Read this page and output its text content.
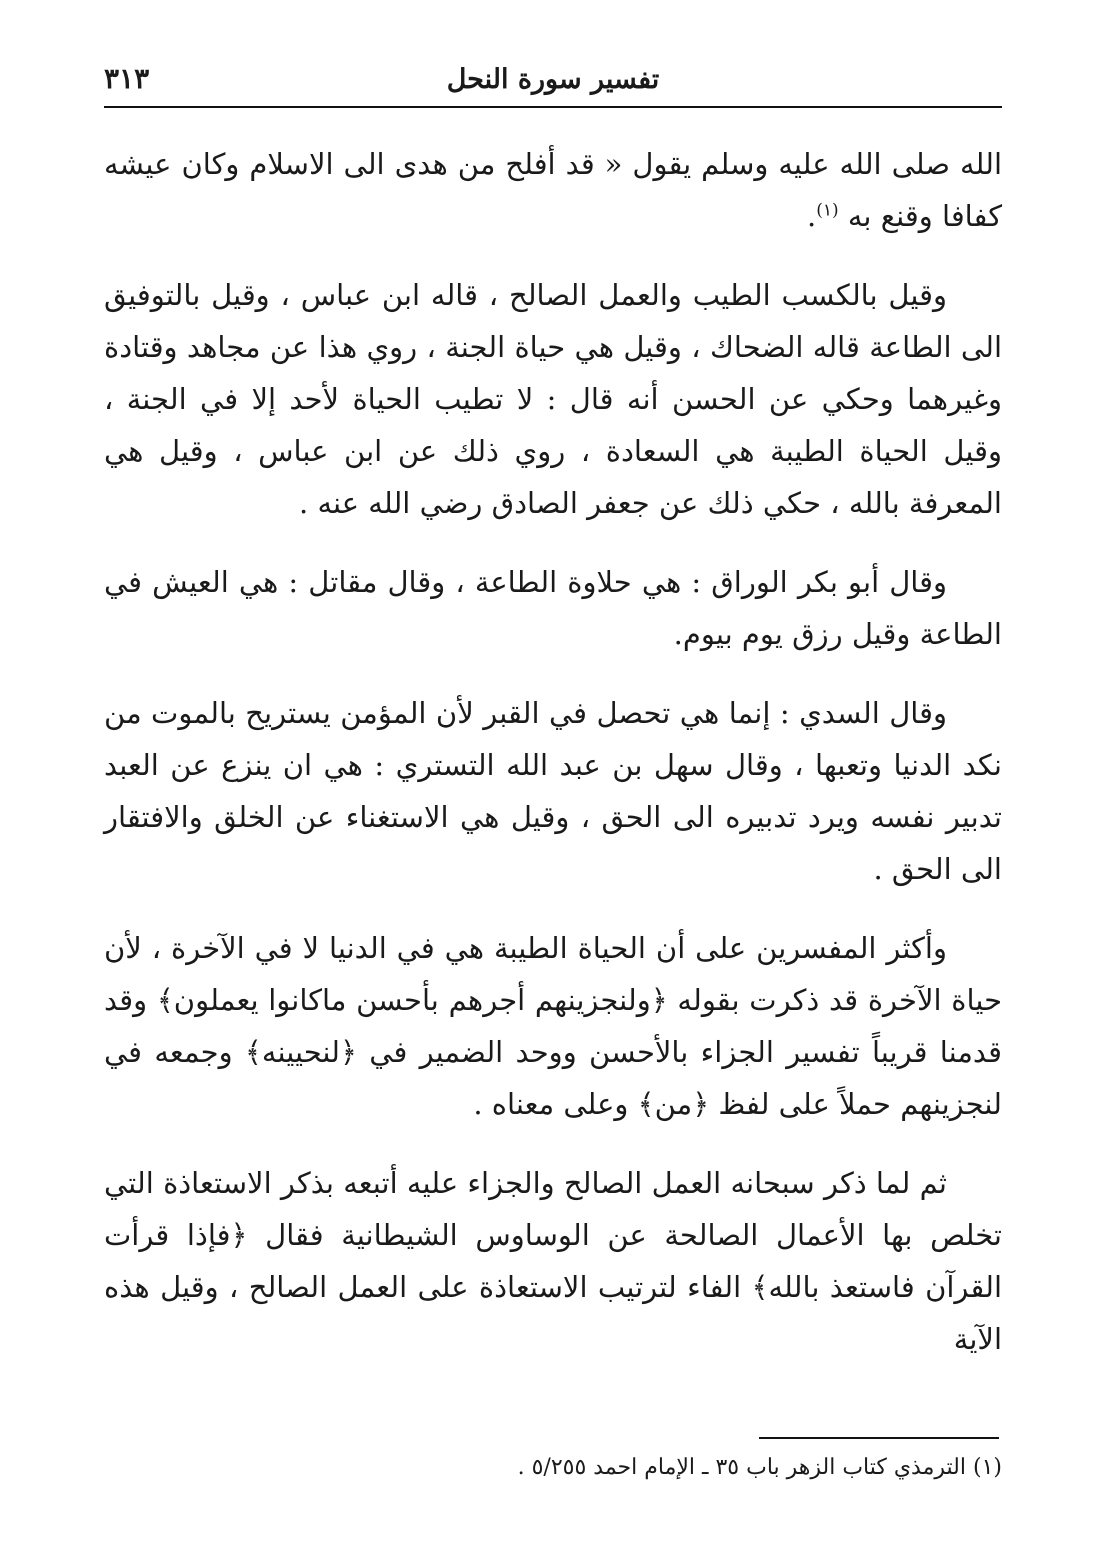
تفسير سورة النحل
٣١٣

الله صلى الله عليه وسلم يقول « قد أفلح من هدى الى الاسلام وكان عيشه كفافا وقنع به $^{(١)}$.

وقيل بالكسب الطيب والعمل الصالح ، قاله ابن عباس ، وقيل بالتوفيق الى الطاعة قاله الضحاك ، وقيل هي حياة الجنة ، روي هذا عن مجاهد وقتادة وغيرهما وحكي عن الحسن أنه قال : لا تطيب الحياة لأحد إلا في الجنة ، وقيل الحياة الطيبة هي السعادة ، روي ذلك عن ابن عباس ، وقيل هي المعرفة بالله ، حكي ذلك عن جعفر الصادق رضي الله عنه .

وقال أبو بكر الوراق : هي حلاوة الطاعة ، وقال مقاتل : هي العيش في الطاعة وقيل رزق يوم بيوم.

وقال السدي : إنما هي تحصل في القبر لأن المؤمن يستريح بالموت من نكد الدنيا وتعبها ، وقال سهل بن عبد الله التستري : هي ان ينزع عن العبد تدبير نفسه ويرد تدبيره الى الحق ، وقيل هي الاستغناء عن الخلق والافتقار الى الحق .

وأكثر المفسرين على أن الحياة الطيبة هي في الدنيا لا في الآخرة ، لأن حياة الآخرة قد ذكرت بقوله ﴿ولنجزينهم أجرهم بأحسن ماكانوا يعملون﴾ وقد قدمنا قريباً تفسير الجزاء بالأحسن ووحد الضمير في ﴿لنحيينه﴾ وجمعه في لنجزينهم حملاً على لفظ ﴿من﴾ وعلى معناه .

ثم لما ذكر سبحانه العمل الصالح والجزاء عليه أتبعه بذكر الاستعاذة التي تخلص بها الأعمال الصالحة عن الوساوس الشيطانية فقال ﴿فإذا قرأت القرآن فاستعذ بالله﴾ الفاء لترتيب الاستعاذة على العمل الصالح ، وقيل هذه الآية

(١) الترمذي كتاب الزهر باب ٣٥ ـ الإمام احمد ٥/٢٥٥ .
